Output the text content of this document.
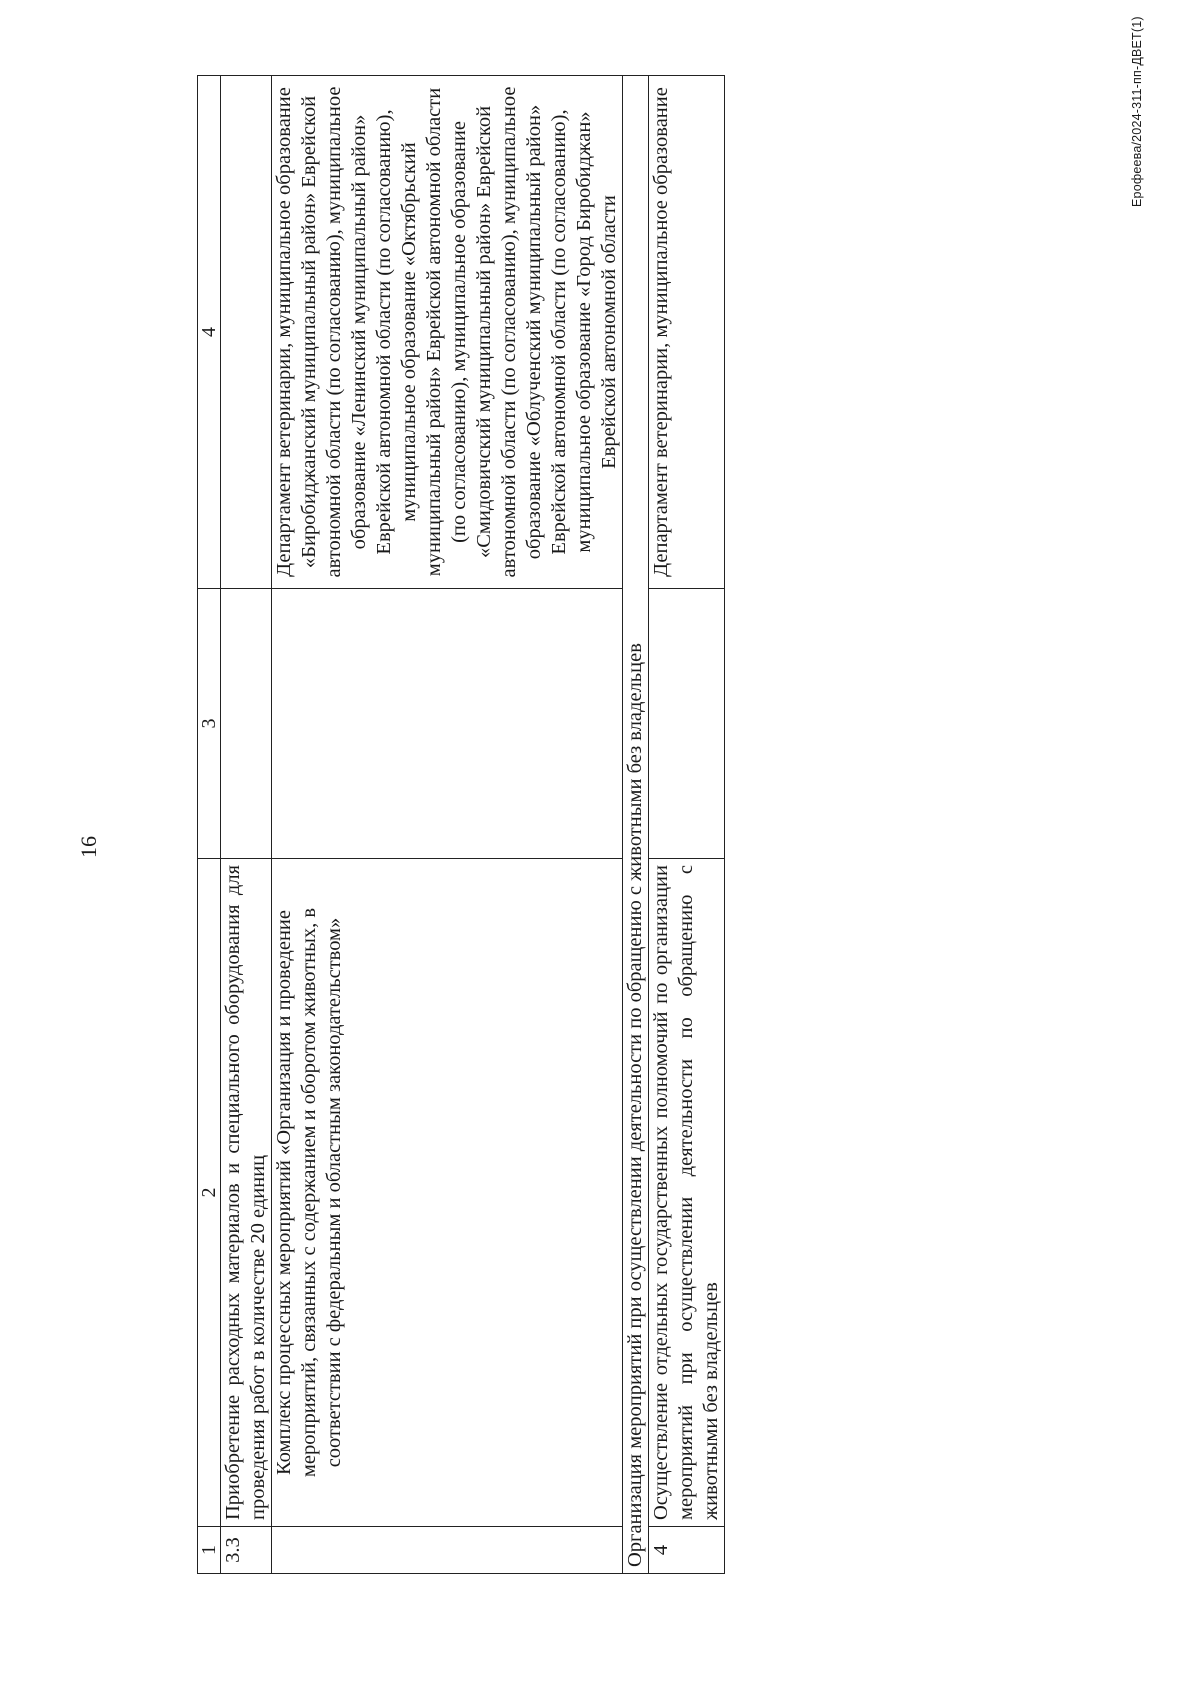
16
1	2	3	4
3.3	Приобретение расходных материалов и специального оборудования для проведения работ в количестве 20 единиц		
	Комплекс процессных мероприятий «Организация и проведение мероприятий, связанных с содержанием и оборотом животных, в соответствии с федеральным и областным законодательством»		Департамент ветеринарии, муниципальное образование «Биробиджанский муниципальный район» Еврейской автономной области (по согласованию), муниципальное образование «Ленинский муниципальный район» Еврейской автономной области (по согласованию), муниципальное образование «Октябрьский муниципальный район» Еврейской автономной области (по согласованию), муниципальное образование «Смидовичский муниципальный район» Еврейской автономной области (по согласованию), муниципальное образование «Облученский муниципальный район» Еврейской автономной области (по согласованию), муниципальное образование «Город Биробиджан» Еврейской автономной области
Организация мероприятий при осуществлении деятельности по обращению с животными без владельцев			
4	Осуществление отдельных государственных полномочий по организации мероприятий при осуществлении деятельности по обращению с животными без владельцев		Департамент ветеринарии, муниципальное образование	Ерофеева/2024-311-пп-ДВЕТ(1)
